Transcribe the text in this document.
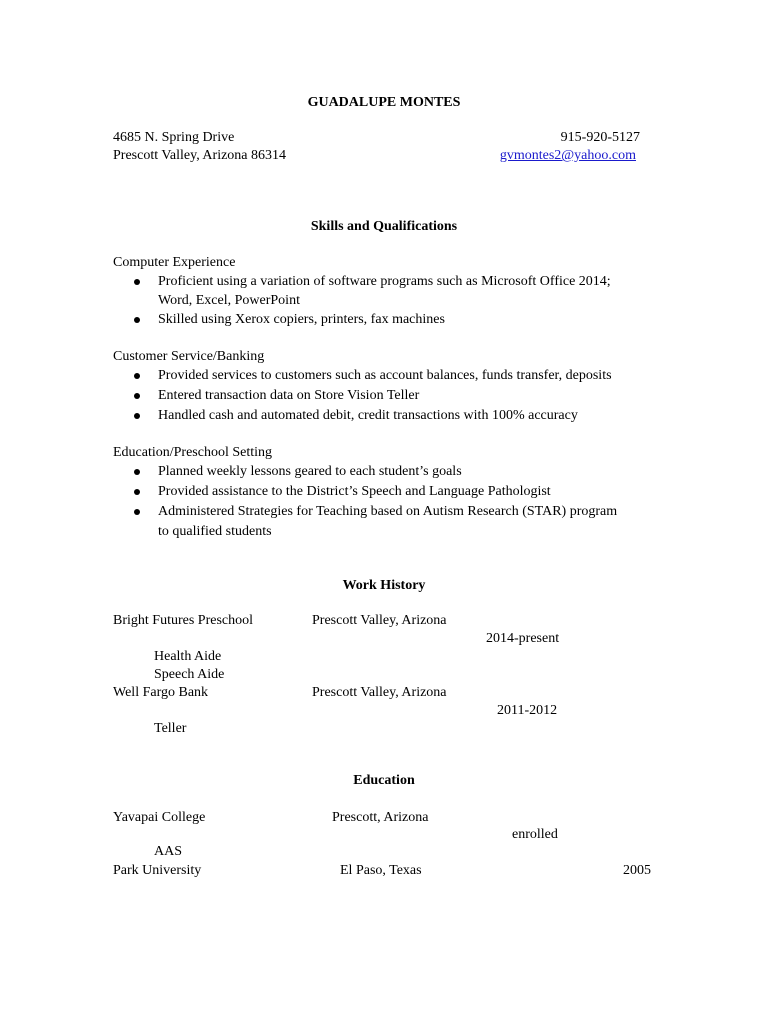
GUADALUPE MONTES
4685 N. Spring Drive
Prescott Valley, Arizona 86314
915-920-5127
gvmontes2@yahoo.com
Skills and Qualifications
Computer Experience
Proficient using a variation of software programs such as Microsoft Office 2014;
Word, Excel, PowerPoint
Skilled using Xerox copiers, printers, fax machines
Customer Service/Banking
Provided services to customers such as account balances, funds transfer, deposits
Entered transaction data on Store Vision Teller
Handled cash and automated debit, credit transactions with 100% accuracy
Education/Preschool Setting
Planned weekly lessons geared to each student’s goals
Provided assistance to the District’s Speech and Language Pathologist
Administered Strategies for Teaching based on Autism Research (STAR) program
to qualified students
Work History
Bright Futures Preschool	Prescott Valley, Arizona
2014-present
Health Aide
Speech Aide
Well Fargo Bank	Prescott Valley, Arizona
2011-2012
Teller
Education
Yavapai College	Prescott, Arizona
enrolled
AAS
Park University	El Paso, Texas	2005
